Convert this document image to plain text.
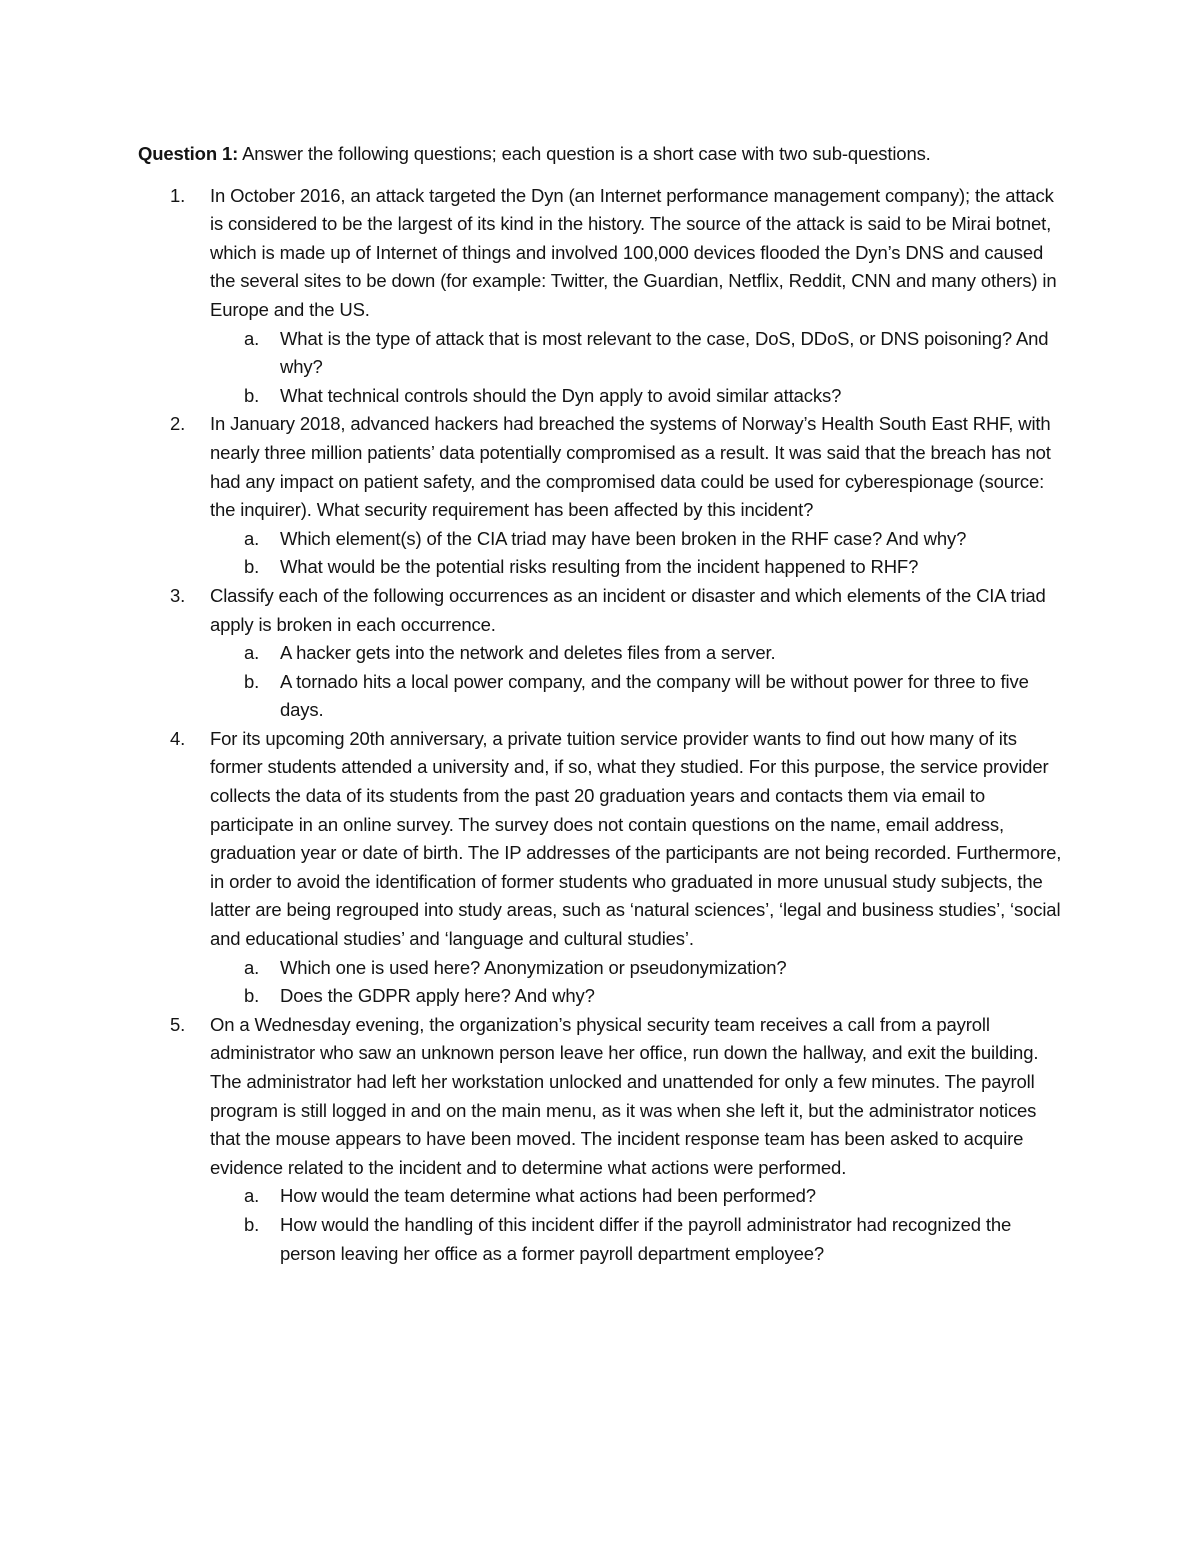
Question 1: Answer the following questions; each question is a short case with two sub-questions.

1. In October 2016, an attack targeted the Dyn (an Internet performance management company); the attack is considered to be the largest of its kind in the history. The source of the attack is said to be Mirai botnet, which is made up of Internet of things and involved 100,000 devices flooded the Dyn’s DNS and caused the several sites to be down (for example: Twitter, the Guardian, Netflix, Reddit, CNN and many others) in Europe and the US.
a. What is the type of attack that is most relevant to the case, DoS, DDoS, or DNS poisoning? And why?
b. What technical controls should the Dyn apply to avoid similar attacks?
2. In January 2018, advanced hackers had breached the systems of Norway’s Health South East RHF, with nearly three million patients’ data potentially compromised as a result. It was said that the breach has not had any impact on patient safety, and the compromised data could be used for cyberespionage (source: the inquirer). What security requirement has been affected by this incident?
a. Which element(s) of the CIA triad may have been broken in the RHF case? And why?
b. What would be the potential risks resulting from the incident happened to RHF?
3. Classify each of the following occurrences as an incident or disaster and which elements of the CIA triad apply is broken in each occurrence.
a. A hacker gets into the network and deletes files from a server.
b. A tornado hits a local power company, and the company will be without power for three to five days.
4. For its upcoming 20th anniversary, a private tuition service provider wants to find out how many of its former students attended a university and, if so, what they studied. For this purpose, the service provider collects the data of its students from the past 20 graduation years and contacts them via email to participate in an online survey. The survey does not contain questions on the name, email address, graduation year or date of birth. The IP addresses of the participants are not being recorded. Furthermore, in order to avoid the identification of former students who graduated in more unusual study subjects, the latter are being regrouped into study areas, such as ‘natural sciences’, ‘legal and business studies’, ‘social and educational studies’ and ‘language and cultural studies’.
a. Which one is used here? Anonymization or pseudonymization?
b. Does the GDPR apply here? And why?
5. On a Wednesday evening, the organization’s physical security team receives a call from a payroll administrator who saw an unknown person leave her office, run down the hallway, and exit the building. The administrator had left her workstation unlocked and unattended for only a few minutes. The payroll program is still logged in and on the main menu, as it was when she left it, but the administrator notices that the mouse appears to have been moved. The incident response team has been asked to acquire evidence related to the incident and to determine what actions were performed.
a. How would the team determine what actions had been performed?
b. How would the handling of this incident differ if the payroll administrator had recognized the person leaving her office as a former payroll department employee?
